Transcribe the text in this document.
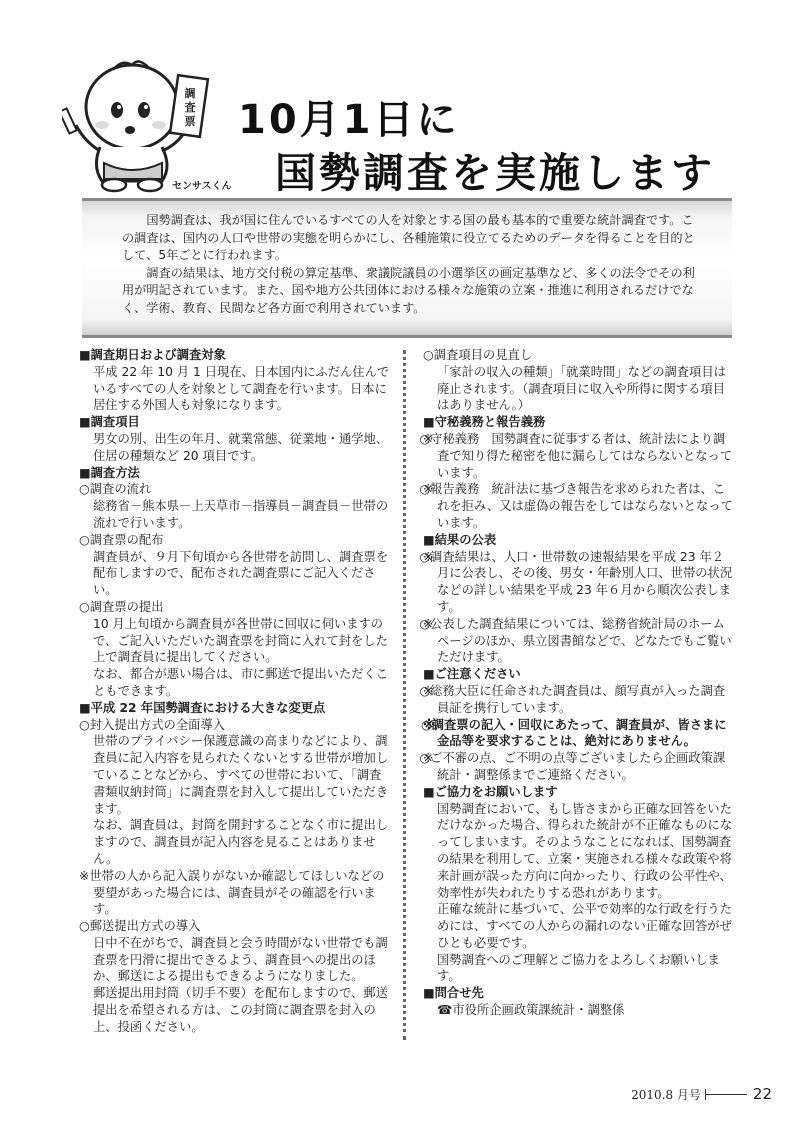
調
査
票
センサスくん
10月1日に
国勢調査を実施します

国勢調査は、我が国に住んでいるすべての人を対象とする国の最も基本的で重要な統計調査です。この調査は、国内の人口や世帯の実態を明らかにし、各種施策に役立てるためのデータを得ることを目的として、5年ごとに行われます。

調査の結果は、地方交付税の算定基準、衆議院議員の小選挙区の画定基準など、多くの法令でその利用が明記されています。また、国や地方公共団体における様々な施策の立案・推進に利用されるだけでなく、学術、教育、民間など各方面で利用されています。

■ 調査期日および調査対象

平成 22 年 10 月 1 日現在、日本国内にふだん住んでいるすべての人を対象として調査を行います。日本に居住する外国人も対象になります。

■ 調査項目

男女の別、出生の年月、就業常態、従業地・通学地、住居の種類など 20 項目です。

■ 調査方法

○ 調査の流れ

総務省－熊本県－上天草市－指導員－調査員－世帯の流れで行います。

○ 調査票の配布

調査員が、９月下旬頃から各世帯を訪問し、調査票を配布しますので、配布された調査票にご記入ください。

○ 調査票の提出

10 月上旬頃から調査員が各世帯に回収に伺いますので、ご記入いただいた調査票を封筒に入れて封をした上で調査員に提出してください。

なお、都合が悪い場合は、市に郵送で提出いただくこともできます。

■ 平成 22 年国勢調査における大きな変更点

○ 封入提出方式の全面導入

世帯のプライバシー保護意識の高まりなどにより、調査員に記入内容を見られたくないとする世帯が増加していることなどから、すべての世帯において、「調査書類収納封筒」に調査票を封入して提出していただきます。

なお、調査員は、封筒を開封することなく市に提出しますので、調査員が記入内容を見ることはありません。

※ 世帯の人から記入誤りがないか確認してほしいなどの要望があった場合には、調査員がその確認を行います。

○ 郵送提出方式の導入

日中不在がちで、調査員と会う時間がない世帯でも調査票を円滑に提出できるよう、調査員への提出のほか、郵送による提出もできるようになりました。

郵送提出用封筒（切手不要）を配布しますので、郵送提出を希望される方は、この封筒に調査票を封入の上、投函ください。

○ 調査項目の見直し

「家計の収入の種類」「就業時間」などの調査項目は廃止されます。（調査項目に収入や所得に関する項目はありません。）

■ 守秘義務と報告義務

※ ○守秘義務　国勢調査に従事する者は、統計法により調査で知り得た秘密を他に漏らしてはならないとなっています。

※ ○報告義務　統計法に基づき報告を求められた者は、これを拒み、又は虚偽の報告をしてはならないとなっています。

■ 結果の公表

※ ○調査結果は、人口・世帯数の速報結果を平成 23 年２月に公表し、その後、男女・年齢別人口、世帯の状況などの詳しい結果を平成 23 年６月から順次公表します。

※ ○公表した調査結果については、総務省統計局のホームページのほか、県立図書館などで、どなたでもご覧いただけます。

■ ご注意ください

※ ○総務大臣に任命された調査員は、顔写真が入った調査員証を携行しています。

※ ○調査票の記入・回収にあたって、調査員が、皆さまに金品等を要求することは、絶対にありません。

※ ○ご不審の点、ご不明の点等ございましたら企画政策課統計・調整係までご連絡ください。

■ ご協力をお願いします

国勢調査において、もし皆さまから正確な回答をいただけなかった場合、得られた統計が不正確なものになってしまいます。そのようなことになれば、国勢調査の結果を利用して、立案・実施される様々な政策や将来計画が誤った方向に向かったり、行政の公平性や、効率性が失われたりする恐れがあります。

正確な統計に基づいて、公平で効率的な行政を行うためには、すべての人からの漏れのない正確な回答がぜひとも必要です。

国勢調査へのご理解とご協力をよろしくお願いします。

■ 問合せ先

☎市役所企画政策課統計・調整係

2010.8 月号	22
